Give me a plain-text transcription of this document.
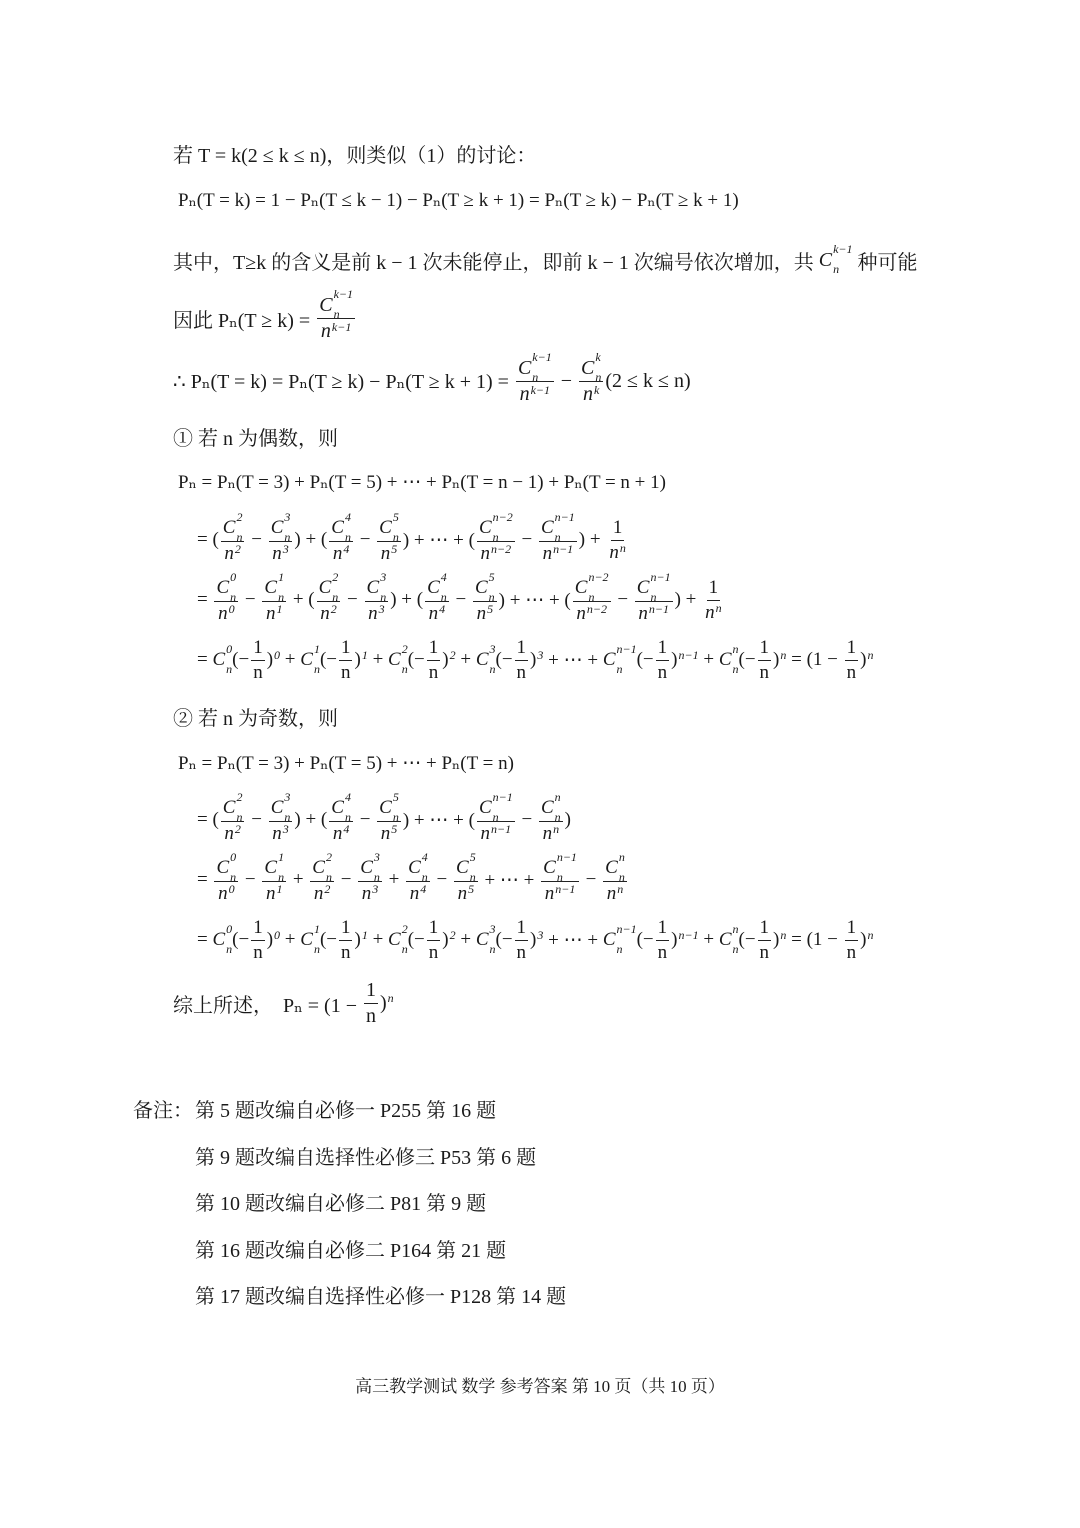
若 T = k(2 ≤ k ≤ n)，则类似（1）的讨论：
Pₙ(T = k) = 1 − Pₙ(T ≤ k − 1) − Pₙ(T ≥ k + 1) = Pₙ(T ≥ k) − Pₙ(T ≥ k + 1)
其中，T≥k 的含义是前 k − 1 次未能停止，即前 k − 1 次编号依次增加，共 C k−1
n 种可能
因此 Pₙ(T ≥ k) = C k−1
n
n k−1
∴ Pₙ(T = k) = Pₙ(T ≥ k) − Pₙ(T ≥ k + 1) = C k−1
n
n k−1 − C k
n
n k (2 ≤ k ≤ n)
① 若 n 为偶数，则
Pₙ = Pₙ(T = 3) + Pₙ(T = 5) + ⋯ + Pₙ(T = n − 1) + Pₙ(T = n + 1)
= ( C 2
n
n 2 − C 3
n
n 3 ) + ( C 4
n
n 4 − C 5
n
n 5 ) + ⋯ + ( C n−2
n
n n−2 − C n−1
n
n n−1 ) + $\frac{1}{\text{n n}}$
= C 0
n
n 0 − C 1
n
n 1 + ( C 2
n
n 2 − C 3
n
n 3 ) + ( C 4
n
n 4 − C 5
n
n 5 ) + ⋯ + ( C n−2
n
n n−2 − C n−1
n
n n−1 ) + $\frac{1}{\text{n n}}$
= C 0
n (− $\frac{1}{n}$ ) 0 + C 1
n (− $\frac{1}{n}$ ) 1 + C 2
n (− $\frac{1}{n}$ ) 2 + C 3
n (− $\frac{1}{n}$ ) 3 + ⋯ + C n−1
n (− $\frac{1}{n}$ ) n−1 + C n
n (− $\frac{1}{n}$ ) $n = (1 - \frac{1}{n}$ ) n
② 若 n 为奇数，则
Pₙ = Pₙ(T = 3) + Pₙ(T = 5) + ⋯ + Pₙ(T = n)
= ( C 2
n
n 2 − C 3
n
n 3 ) + ( C 4
n
n 4 − C 5
n
n 5 ) + ⋯ + ( C n−1
n
n n−1 − C n
n
n n )
= C 0
n
n 0 − C 1
n
n 1 + C 2
n
n 2 − C 3
n
n 3 + C 4
n
n 4 − C 5
n
n 5 + ⋯ + C n−1
n
n n−1 − C n
n
n n
= C 0
n (− $\frac{1}{n}$ ) 0 + C 1
n (− $\frac{1}{n}$ ) 1 + C 2
n (− $\frac{1}{n}$ ) 2 + C 3
n (− $\frac{1}{n}$ ) 3 + ⋯ + C n−1
n (− $\frac{1}{n}$ ) n−1 + C n
n (− $\frac{1}{n}$ ) $n = (1 - \frac{1}{n}$ ) n
综上所述，  $P_n = (1 - \frac{1}{n}$ ) n
备注： 第 5 题改编自必修一 P255 第 16 题
第 9 题改编自选择性必修三 P53 第 6 题
第 10 题改编自必修二 P81 第 9 题
第 16 题改编自必修二 P164 第 21 题
第 17 题改编自选择性必修一 P128 第 14 题
高三教学测试 数学 参考答案 第 10 页（共 10 页）
